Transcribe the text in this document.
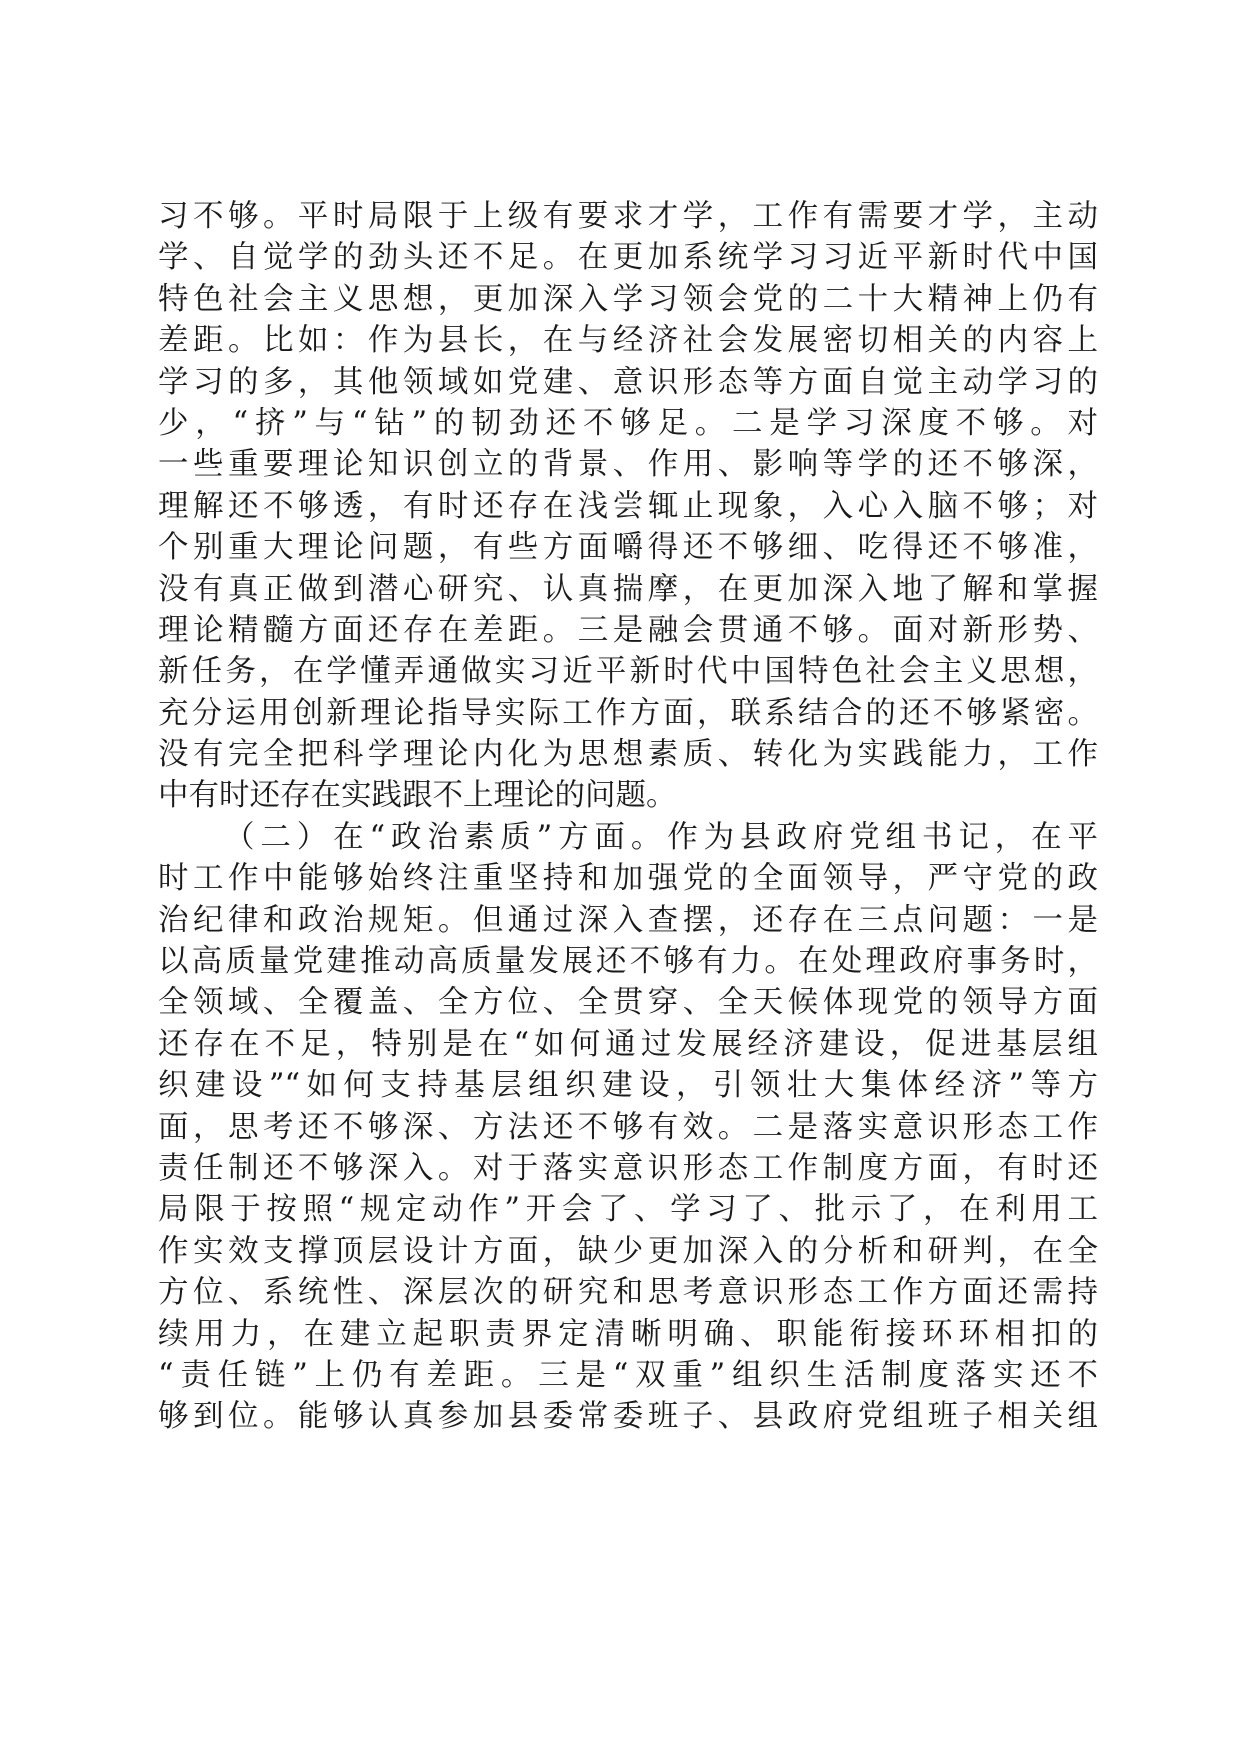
习不够。平时局限于上级有要求才学，工作有需要才学，主动
学、自觉学的劲头还不足。在更加系统学习习近平新时代中国
特色社会主义思想，更加深入学习领会党的二十大精神上仍有
差距。比如：作为县长，在与经济社会发展密切相关的内容上
学习的多，其他领域如党建、意识形态等方面自觉主动学习的
少，“挤”与“钻”的韧劲还不够足。二是学习深度不够。对
一些重要理论知识创立的背景、作用、影响等学的还不够深，
理解还不够透，有时还存在浅尝辄止现象，入心入脑不够；对
个别重大理论问题，有些方面嚼得还不够细、吃得还不够准，
没有真正做到潜心研究、认真揣摩，在更加深入地了解和掌握
理论精髓方面还存在差距。三是融会贯通不够。面对新形势、
新任务，在学懂弄通做实习近平新时代中国特色社会主义思想，
充分运用创新理论指导实际工作方面，联系结合的还不够紧密。
没有完全把科学理论内化为思想素质、转化为实践能力，工作
中有时还存在实践跟不上理论的问题。
（二）在“政治素质”方面。作为县政府党组书记，在平
时工作中能够始终注重坚持和加强党的全面领导，严守党的政
治纪律和政治规矩。但通过深入查摆，还存在三点问题：一是
以高质量党建推动高质量发展还不够有力。在处理政府事务时，
全领域、全覆盖、全方位、全贯穿、全天候体现党的领导方面
还存在不足，特别是在“如何通过发展经济建设，促进基层组
织建设”“如何支持基层组织建设，引领壮大集体经济”等方
面，思考还不够深、方法还不够有效。二是落实意识形态工作
责任制还不够深入。对于落实意识形态工作制度方面，有时还
局限于按照“规定动作”开会了、学习了、批示了，在利用工
作实效支撑顶层设计方面，缺少更加深入的分析和研判，在全
方位、系统性、深层次的研究和思考意识形态工作方面还需持
续用力，在建立起职责界定清晰明确、职能衔接环环相扣的
“责任链”上仍有差距。三是“双重”组织生活制度落实还不
够到位。能够认真参加县委常委班子、县政府党组班子相关组
